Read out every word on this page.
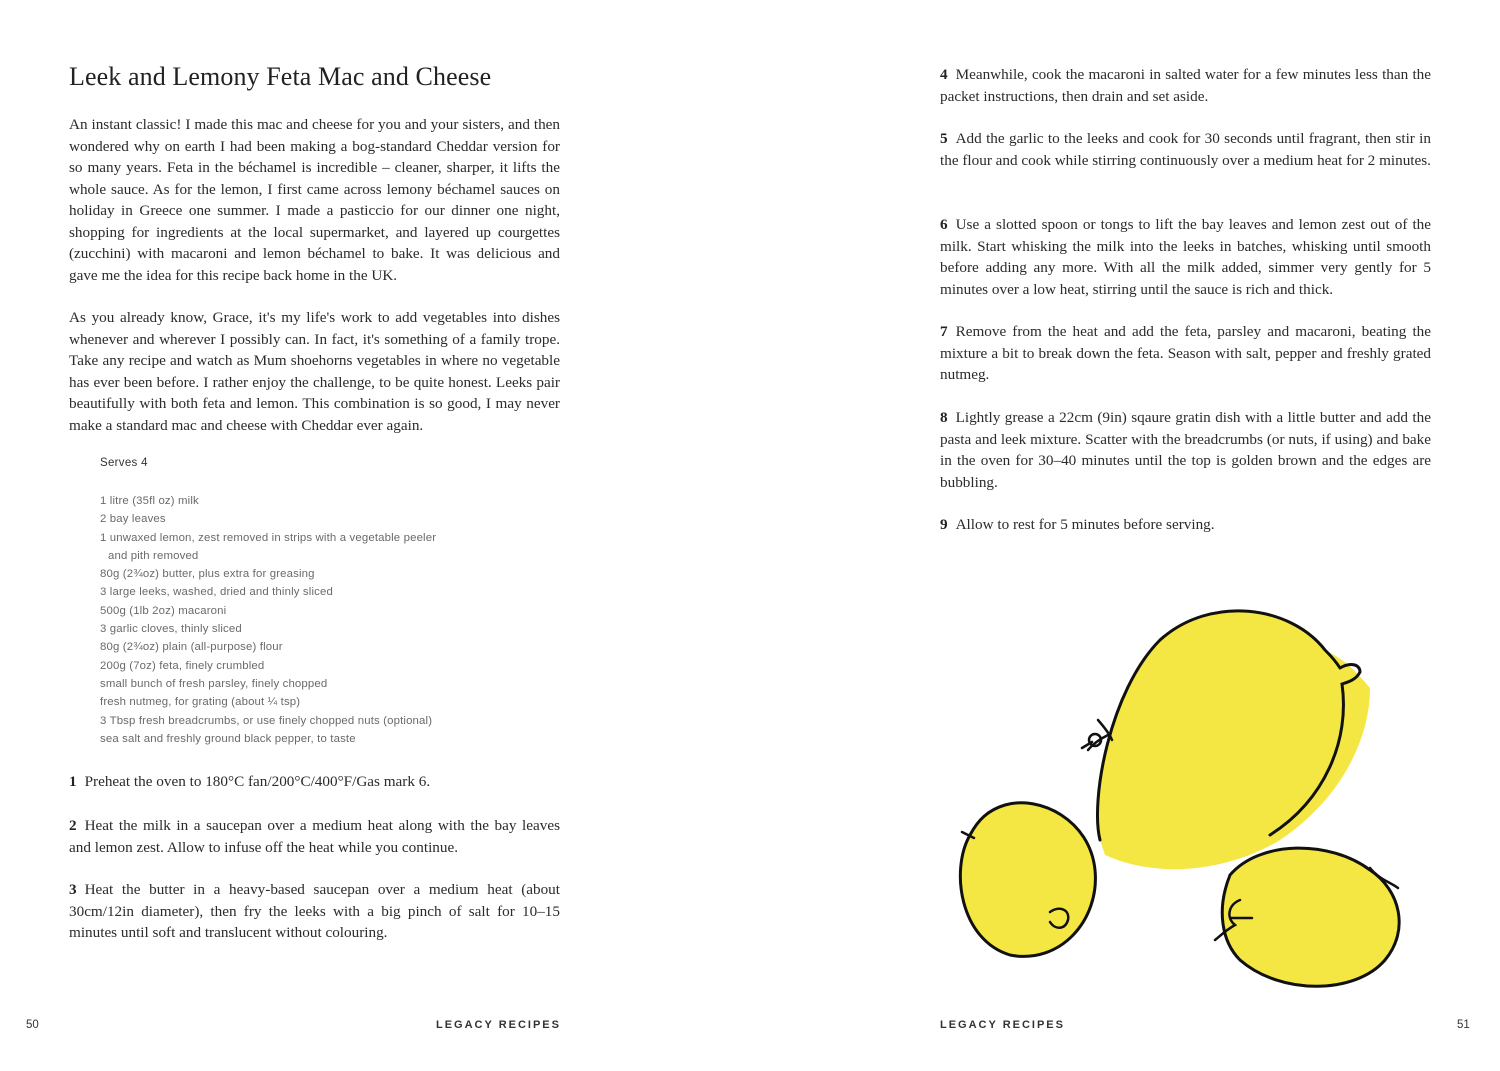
Leek and Lemony Feta Mac and Cheese

An instant classic! I made this mac and cheese for you and your sisters, and then wondered why on earth I had been making a bog-standard Cheddar version for so many years. Feta in the béchamel is incredible – cleaner, sharper, it lifts the whole sauce. As for the lemon, I first came across lemony béchamel sauces on holiday in Greece one summer. I made a pasticcio for our dinner one night, shopping for ingredients at the local supermarket, and layered up courgettes (zucchini) with macaroni and lemon béchamel to bake. It was delicious and gave me the idea for this recipe back home in the UK.

As you already know, Grace, it's my life's work to add vegetables into dishes whenever and wherever I possibly can. In fact, it's something of a family trope. Take any recipe and watch as Mum shoehorns vegetables in where no vegetable has ever been before. I rather enjoy the challenge, to be quite honest. Leeks pair beautifully with both feta and lemon. This combination is so good, I may never make a standard mac and cheese with Cheddar ever again.

Serves 4
1 litre (35fl oz) milk
2 bay leaves
1 unwaxed lemon, zest removed in strips with a vegetable peeler
and pith removed
80g (2¾oz) butter, plus extra for greasing
3 large leeks, washed, dried and thinly sliced
500g (1lb 2oz) macaroni
3 garlic cloves, thinly sliced
80g (2¾oz) plain (all-purpose) flour
200g (7oz) feta, finely crumbled
small bunch of fresh parsley, finely chopped
fresh nutmeg, for grating (about ¼ tsp)
3 Tbsp fresh breadcrumbs, or use finely chopped nuts (optional)
sea salt and freshly ground black pepper, to taste

1 Preheat the oven to 180°C fan/200°C/400°F/Gas mark 6.

2 Heat the milk in a saucepan over a medium heat along with the bay leaves and lemon zest. Allow to infuse off the heat while you continue.

3 Heat the butter in a heavy-based saucepan over a medium heat (about 30cm/12in diameter), then fry the leeks with a big pinch of salt for 10–15 minutes until soft and translucent without colouring.

50	LEGACY RECIPES

4 Meanwhile, cook the macaroni in salted water for a few minutes less than the packet instructions, then drain and set aside.

5 Add the garlic to the leeks and cook for 30 seconds until fragrant, then stir in the flour and cook while stirring continuously over a medium heat for 2 minutes.

6 Use a slotted spoon or tongs to lift the bay leaves and lemon zest out of the milk. Start whisking the milk into the leeks in batches, whisking until smooth before adding any more. With all the milk added, simmer very gently for 5 minutes over a low heat, stirring until the sauce is rich and thick.

7 Remove from the heat and add the feta, parsley and macaroni, beating the mixture a bit to break down the feta. Season with salt, pepper and freshly grated nutmeg.

8 Lightly grease a 22cm (9in) sqaure gratin dish with a little butter and add the pasta and leek mixture. Scatter with the breadcrumbs (or nuts, if using) and bake in the oven for 30–40 minutes until the top is golden brown and the edges are bubbling.

9 Allow to rest for 5 minutes before serving.

LEGACY RECIPES	51
